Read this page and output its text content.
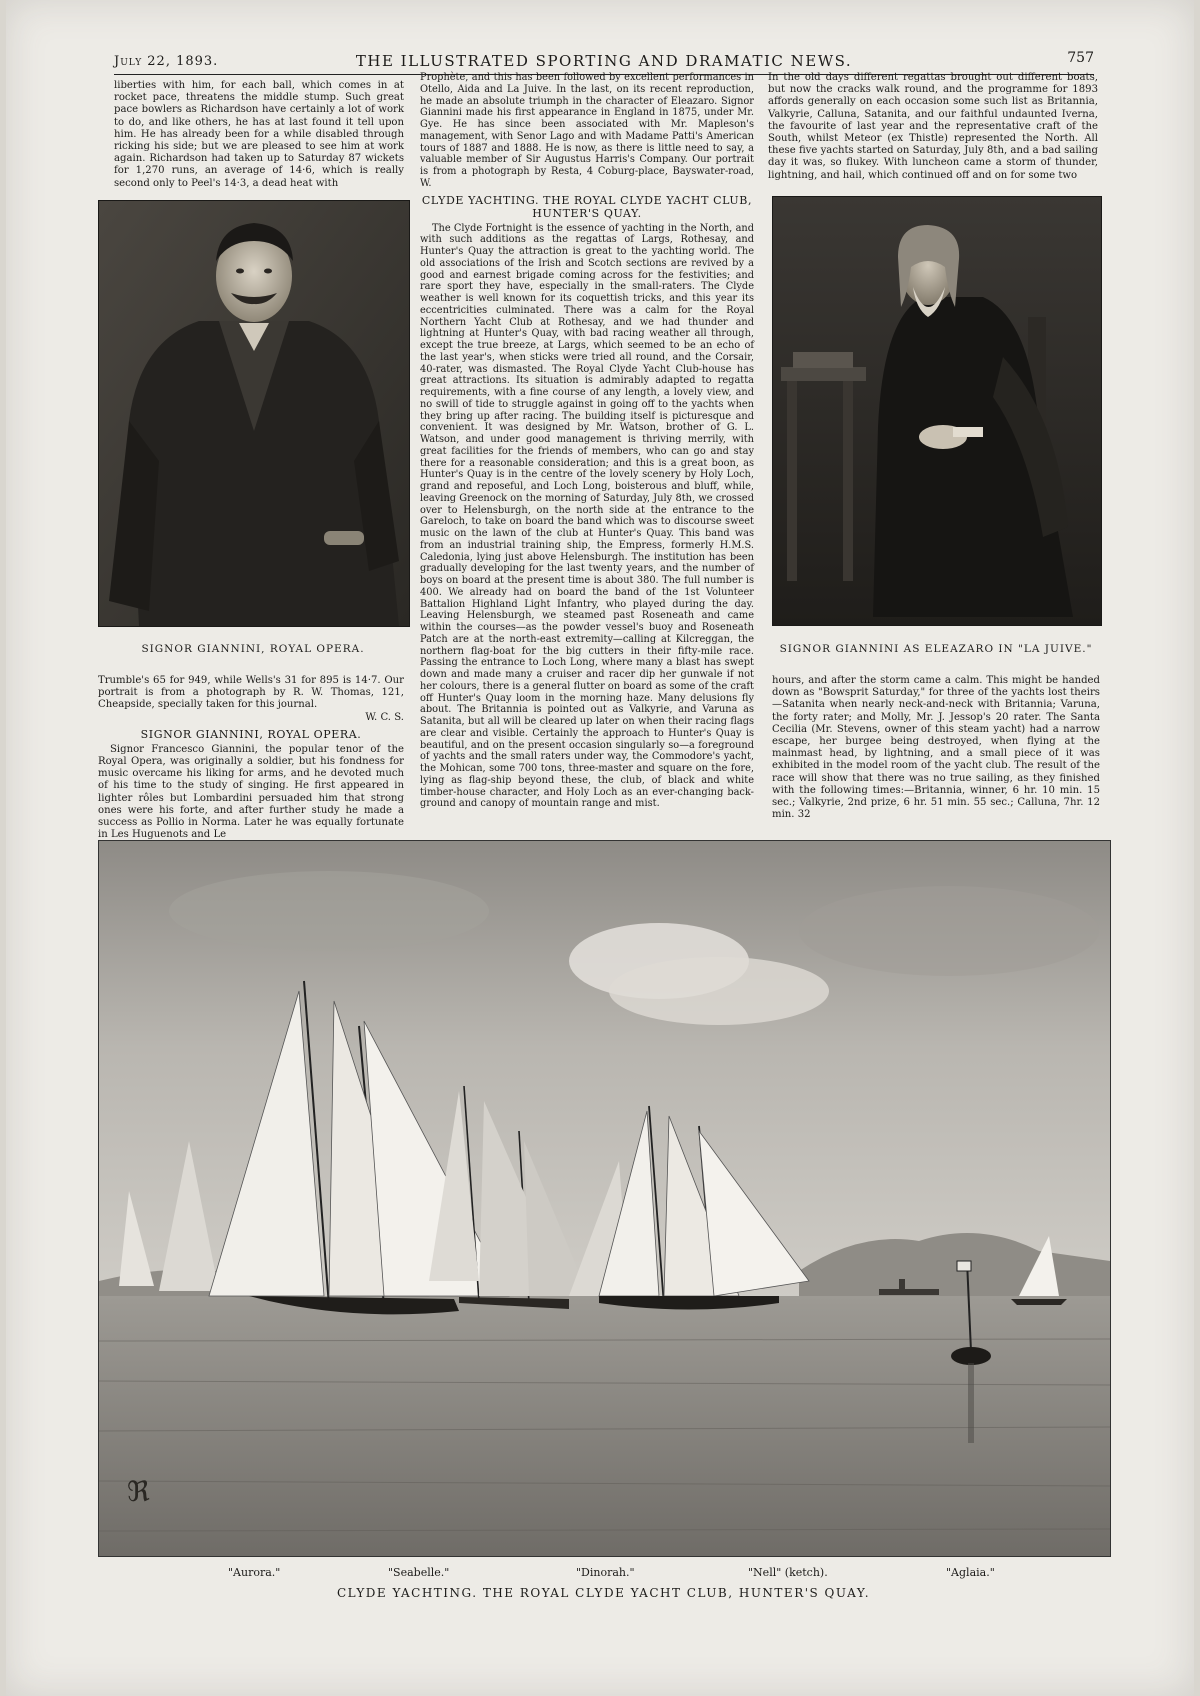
July 22, 1893.	THE ILLUSTRATED SPORTING AND DRAMATIC NEWS.	757

liberties with him, for each ball, which comes in at rocket pace, threatens the middle stump. Such great pace bowlers as Richardson have certainly a lot of work to do, and like others, he has at last found it tell upon him. He has already been for a while disabled through ricking his side; but we are pleased to see him at work again. Richardson had taken up to Saturday 87 wickets for 1,270 runs, an average of 14·6, which is really second only to Peel's 14·3, a dead heat with

SIGNOR GIANNINI, ROYAL OPERA.

Trumble's 65 for 949, while Wells's 31 for 895 is 14·7. Our portrait is from a photograph by R. W. Thomas, 121, Cheapside, specially taken for this journal.

W. C. S.

SIGNOR GIANNINI, ROYAL OPERA.

Signor Francesco Giannini, the popular tenor of the Royal Opera, was originally a soldier, but his fondness for music overcame his liking for arms, and he devoted much of his time to the study of singing. He first appeared in lighter rôles but Lombardini persuaded him that strong ones were his forte, and after further study he made a success as Pollio in Norma. Later he was equally fortunate in Les Huguenots and Le

Prophète, and this has been followed by excellent performances in Otello, Aida and La Juive. In the last, on its recent reproduction, he made an absolute triumph in the character of Eleazaro. Signor Giannini made his first appearance in England in 1875, under Mr. Gye. He has since been associated with Mr. Mapleson's management, with Senor Lago and with Madame Patti's American tours of 1887 and 1888. He is now, as there is little need to say, a valuable member of Sir Augustus Harris's Company. Our portrait is from a photograph by Resta, 4 Coburg-place, Bayswater-road, W.

CLYDE YACHTING. THE ROYAL CLYDE YACHT CLUB, HUNTER'S QUAY.

The Clyde Fortnight is the essence of yachting in the North, and with such additions as the regattas of Largs, Rothesay, and Hunter's Quay the attraction is great to the yachting world. The old associations of the Irish and Scotch sections are revived by a good and earnest brigade coming across for the festivities; and rare sport they have, especially in the small-raters. The Clyde weather is well known for its coquettish tricks, and this year its eccentricities culminated. There was a calm for the Royal Northern Yacht Club at Rothesay, and we had thunder and lightning at Hunter's Quay, with bad racing weather all through, except the true breeze, at Largs, which seemed to be an echo of the last year's, when sticks were tried all round, and the Corsair, 40-rater, was dismasted. The Royal Clyde Yacht Club-house has great attractions. Its situation is admirably adapted to regatta requirements, with a fine course of any length, a lovely view, and no swill of tide to struggle against in going off to the yachts when they bring up after racing. The building itself is picturesque and convenient. It was designed by Mr. Watson, brother of G. L. Watson, and under good management is thriving merrily, with great facilities for the friends of members, who can go and stay there for a reasonable consideration; and this is a great boon, as Hunter's Quay is in the centre of the lovely scenery by Holy Loch, grand and reposeful, and Loch Long, boisterous and bluff, while, leaving Greenock on the morning of Saturday, July 8th, we crossed over to Helensburgh, on the north side at the entrance to the Gareloch, to take on board the band which was to discourse sweet music on the lawn of the club at Hunter's Quay. This band was from an industrial training ship, the Empress, formerly H.M.S. Caledonia, lying just above Helensburgh. The institution has been gradually developing for the last twenty years, and the number of boys on board at the present time is about 380. The full number is 400. We already had on board the band of the 1st Volunteer Battalion Highland Light Infantry, who played during the day. Leaving Helensburgh, we steamed past Roseneath and came within the courses—as the powder vessel's buoy and Roseneath Patch are at the north-east extremity—calling at Kilcreggan, the northern flag-boat for the big cutters in their fifty-mile race. Passing the entrance to Loch Long, where many a blast has swept down and made many a cruiser and racer dip her gunwale if not her colours, there is a general flutter on board as some of the craft off Hunter's Quay loom in the morning haze. Many delusions fly about. The Britannia is pointed out as Valkyrie, and Varuna as Satanita, but all will be cleared up later on when their racing flags are clear and visible. Certainly the approach to Hunter's Quay is beautiful, and on the present occasion singularly so—a foreground of yachts and the small raters under way, the Commodore's yacht, the Mohican, some 700 tons, three-master and square on the fore, lying as flag-ship beyond these, the club, of black and white timber-house character, and Holy Loch as an ever-changing back-ground and canopy of mountain range and mist.

In the old days different regattas brought out different boats, but now the cracks walk round, and the programme for 1893 affords generally on each occasion some such list as Britannia, Valkyrie, Calluna, Satanita, and our faithful undaunted Iverna, the favourite of last year and the representative craft of the South, whilst Meteor (ex Thistle) represented the North. All these five yachts started on Saturday, July 8th, and a bad sailing day it was, so flukey. With luncheon came a storm of thunder, lightning, and hail, which continued off and on for some two

SIGNOR GIANNINI AS ELEAZARO IN "LA JUIVE."

hours, and after the storm came a calm. This might be handed down as "Bowsprit Saturday," for three of the yachts lost theirs —Satanita when nearly neck-and-neck with Britannia; Varuna, the forty rater; and Molly, Mr. J. Jessop's 20 rater. The Santa Cecilia (Mr. Stevens, owner of this steam yacht) had a narrow escape, her burgee being destroyed, when flying at the mainmast head, by lightning, and a small piece of it was exhibited in the model room of the yacht club. The result of the race will show that there was no true sailing, as they finished with the following times:—Britannia, winner, 6 hr. 10 min. 15 sec.; Valkyrie, 2nd prize, 6 hr. 51 min. 55 sec.; Calluna, 7hr. 12 min. 32

ℜ
"Aurora."	"Seabelle."	"Dinorah."	"Nell" (ketch).	"Aglaia."
CLYDE YACHTING. THE ROYAL CLYDE YACHT CLUB, HUNTER'S QUAY.
